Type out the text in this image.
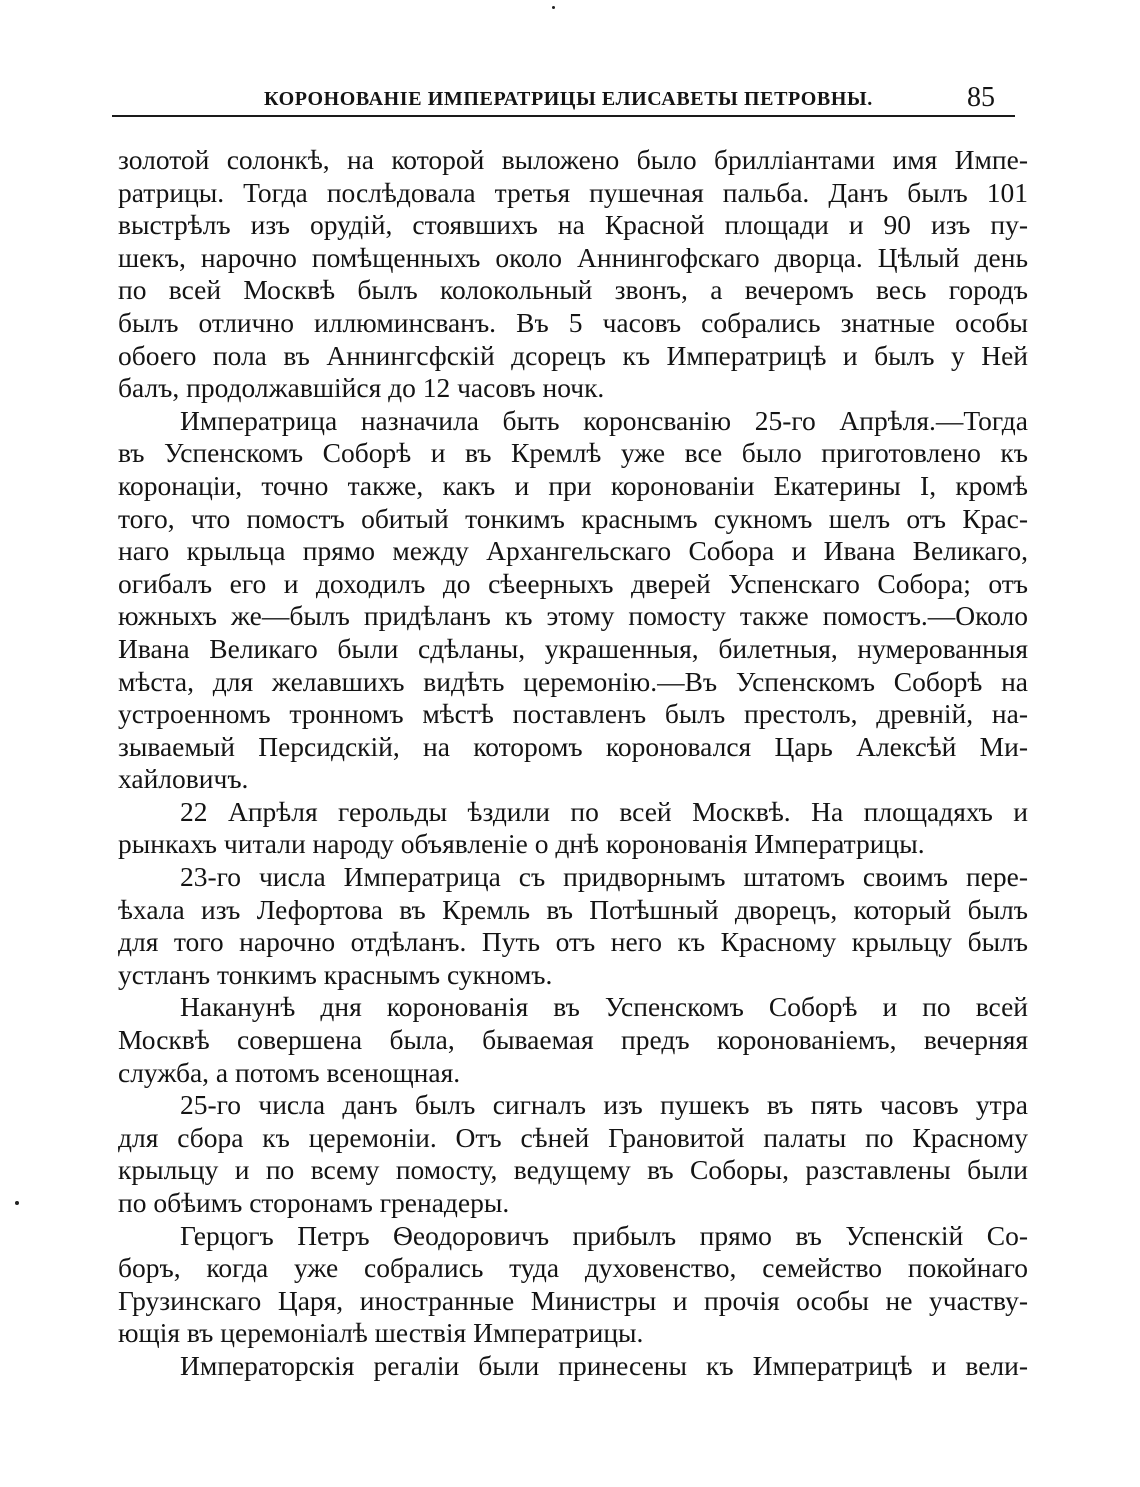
КОРОНОВАНІЕ ИМПЕРАТРИЦЫ ЕЛИСАВЕТЫ ПЕТРОВНЫ.	85
золотой солонкѣ, на которой выложено было брилліантами имя Импе-
ратрицы. Тогда послѣдовала третья пушечная пальба. Данъ былъ 101
выстрѣлъ изъ орудій, стоявшихъ на Красной площади и 90 изъ пу-
шекъ, нарочно помѣщенныхъ около Аннингофскаго дворца. Цѣлый день
по всей Москвѣ былъ колокольный звонъ, а вечеромъ весь городъ
былъ отлично иллюминсванъ. Въ 5 часовъ собрались знатные особы
обоего пола въ Аннингсфскій дсорецъ къ Императрицѣ и былъ у Ней
балъ, продолжавшійся до 12 часовъ ночк.
Императрица назначила быть коронсванію 25-го Апрѣля.—Тогда
въ Успенскомъ Соборѣ и въ Кремлѣ уже все было приготовлено къ
коронаціи, точно также, какъ и при коронованіи Екатерины I, кромѣ
того, что помостъ обитый тонкимъ краснымъ сукномъ шелъ отъ Крас-
наго крыльца прямо между Архангельскаго Собора и Ивана Великаго,
огибалъ его и доходилъ до сѣеерныхъ дверей Успенскаго Собора; отъ
южныхъ же—былъ придѣланъ къ этому помосту также помостъ.—Около
Ивана Великаго были сдѣланы, украшенныя, билетныя, нумерованныя
мѣста, для желавшихъ видѣть церемонію.—Въ Успенскомъ Соборѣ на
устроенномъ тронномъ мѣстѣ поставленъ былъ престолъ, древній, на-
зываемый Персидскій, на которомъ короновался Царь Алексѣй Ми-
хайловичъ.
22 Апрѣля герольды ѣздили по всей Москвѣ. На площадяхъ и
рынкахъ читали народу объявленіе о днѣ коронованія Императрицы.
23-го числа Императрица съ придворнымъ штатомъ своимъ пере-
ѣхала изъ Лефортова въ Кремль въ Потѣшный дворецъ, который былъ
для того нарочно отдѣланъ. Путь отъ него къ Красному крыльцу былъ
устланъ тонкимъ краснымъ сукномъ.
Наканунѣ дня коронованія въ Успенскомъ Соборѣ и по всей
Москвѣ совершена была, бываемая предъ коронованіемъ, вечерняя
служба, а потомъ всенощная.
25-го числа данъ былъ сигналъ изъ пушекъ въ пять часовъ утра
для сбора къ церемоніи. Отъ сѣней Грановитой палаты по Красному
крыльцу и по всему помосту, ведущему въ Соборы, разставлены были
по обѣимъ сторонамъ гренадеры.
Герцогъ Петръ Ѳеодоровичъ прибылъ прямо въ Успенскій Со-
боръ, когда уже собрались туда духовенство, семейство покойнаго
Грузинскаго Царя, иностранные Министры и прочія особы не участву-
ющія въ церемоніалѣ шествія Императрицы.
Императорскія регаліи были принесены къ Императрицѣ и вели-
